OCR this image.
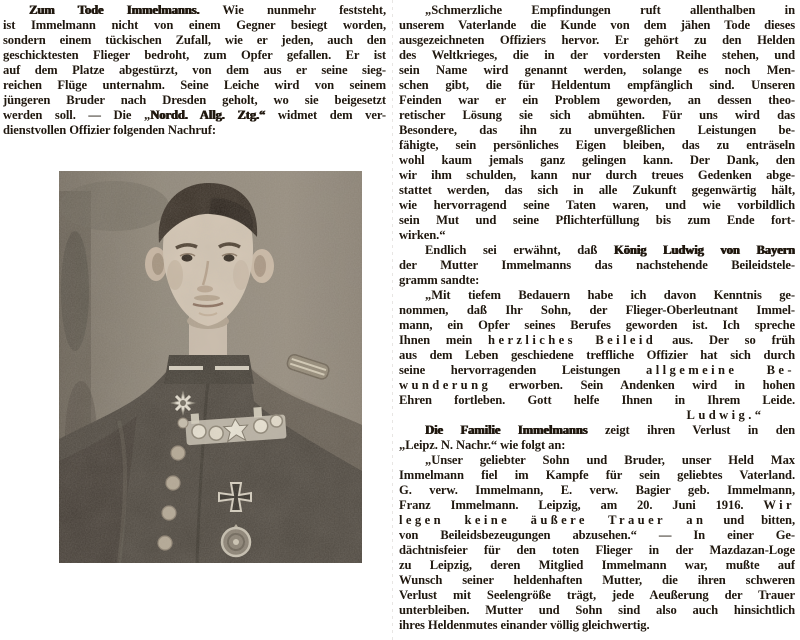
Zum Tode Immelmanns. Wie nunmehr feststeht,
ist Immelmann nicht von einem Gegner besiegt worden,
sondern einem tückischen Zufall, wie er jeden, auch den
geschicktesten Flieger bedroht, zum Opfer gefallen. Er ist
auf dem Platze abgestürzt, von dem aus er seine sieg-
reichen Flüge unternahm. Seine Leiche wird von seinem
jüngeren Bruder nach Dresden geholt, wo sie beigesetzt
werden soll. — Die „Nordd. Allg. Ztg.“ widmet dem ver-
dienstvollen Offizier folgenden Nachruf:
„Schmerzliche Empfindungen ruft allenthalben in
unserem Vaterlande die Kunde von dem jähen Tode dieses
ausgezeichneten Offiziers hervor. Er gehört zu den Helden
des Weltkrieges, die in der vordersten Reihe stehen, und
sein Name wird genannt werden, solange es noch Men-
schen gibt, die für Heldentum empfänglich sind. Unseren
Feinden war er ein Problem geworden, an dessen theo-
retischer Lösung sie sich abmühten. Für uns wird das
Besondere, das ihn zu unvergeßlichen Leistungen be-
fähigte, sein persönliches Eigen bleiben, das zu enträseln
wohl kaum jemals ganz gelingen kann. Der Dank, den
wir ihm schulden, kann nur durch treues Gedenken abge-
stattet werden, das sich in alle Zukunft gegenwärtig hält,
wie hervorragend seine Taten waren, und wie vorbildlich
sein Mut und seine Pflichterfüllung bis zum Ende fort-
wirken.“
Endlich sei erwähnt, daß König Ludwig von Bayern
der Mutter Immelmanns das nachstehende Beileidstele-
gramm sandte:
„Mit tiefem Bedauern habe ich davon Kenntnis ge-
nommen, daß Ihr Sohn, der Flieger-Oberleutnant Immel-
mann, ein Opfer seines Berufes geworden ist. Ich spreche
Ihnen mein herzliches Beileid aus. Der so früh
aus dem Leben geschiedene treffliche Offizier hat sich durch
seine hervorragenden Leistungen allgemeine Be-
wunderung erworben. Sein Andenken wird in hohen
Ehren fortleben. Gott helfe Ihnen in Ihrem Leide.
Ludwig.“
Die Familie Immelmanns zeigt ihren Verlust in den
„Leipz. N. Nachr.“ wie folgt an:
„Unser geliebter Sohn und Bruder, unser Held Max
Immelmann fiel im Kampfe für sein geliebtes Vaterland.
G. verw. Immelmann, E. verw. Bagier geb. Immelmann,
Franz Immelmann. Leipzig, am 20. Juni 1916. Wir
legen keine äußere Trauer an und bitten,
von Beileidsbezeugungen abzusehen.“ — In einer Ge-
dächtnisfeier für den toten Flieger in der Mazdazan-Loge
zu Leipzig, deren Mitglied Immelmann war, mußte auf
Wunsch seiner heldenhaften Mutter, die ihren schweren
Verlust mit Seelengröße trägt, jede Aeußerung der Trauer
unterbleiben. Mutter und Sohn sind also auch hinsichtlich
ihres Heldenmutes einander völlig gleichwertig.
